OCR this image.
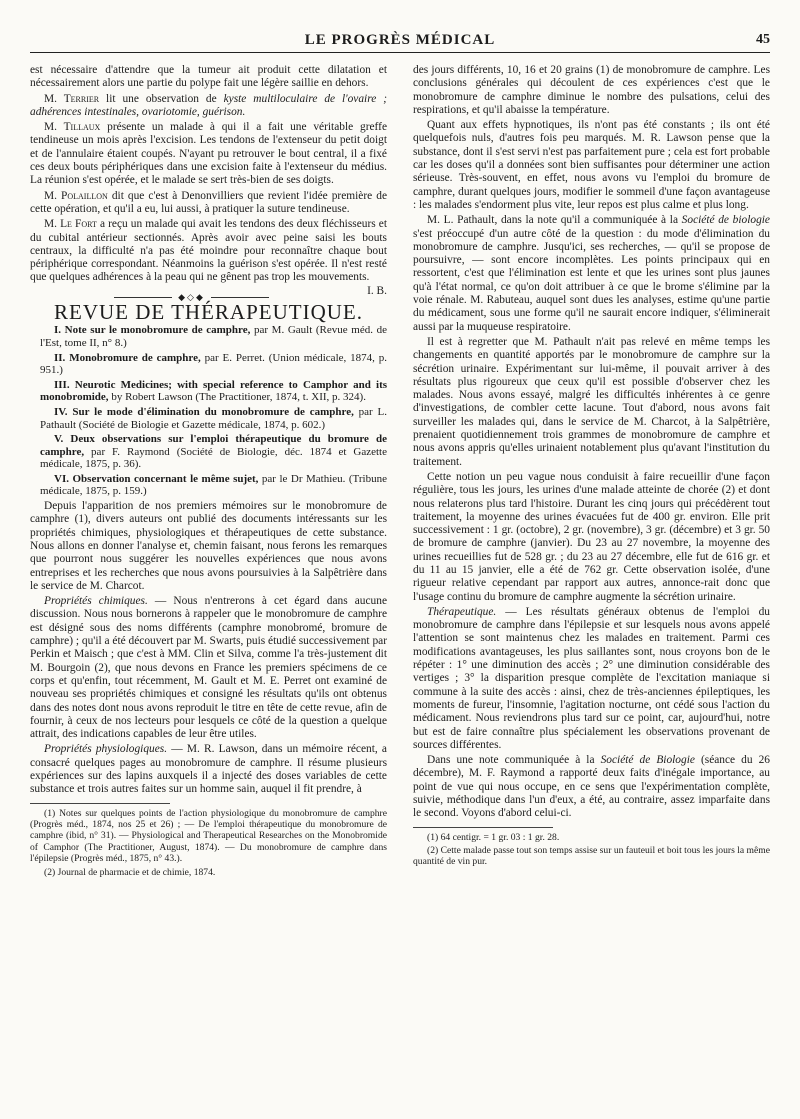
LE PROGRÈS MÉDICAL	45

est nécessaire d'attendre que la tumeur ait produit cette dilatation et nécessairement alors une partie du polype fait une légère saillie en dehors.

M. Terrier lit une observation de kyste multiloculaire de l'ovaire ; adhérences intestinales, ovariotomie, guérison.

M. Tillaux présente un malade à qui il a fait une véritable greffe tendineuse un mois après l'excision. Les tendons de l'extenseur du petit doigt et de l'annulaire étaient coupés. N'ayant pu retrouver le bout central, il a fixé ces deux bouts périphériques dans une excision faite à l'extenseur du médius. La réunion s'est opérée, et le malade se sert très-bien de ses doigts.

M. Polaillon dit que c'est à Denonvilliers que revient l'idée première de cette opération, et qu'il a eu, lui aussi, à pratiquer la suture tendineuse.

M. Le Fort a reçu un malade qui avait les tendons des deux fléchisseurs et du cubital antérieur sectionnés. Après avoir avec peine saisi les bouts centraux, la difficulté n'a pas été moindre pour reconnaître chaque bout périphérique correspondant. Néanmoins la guérison s'est opérée. Il n'est resté que quelques adhérences à la peau qui ne gênent pas trop les mouvements.
I. B.

◆◇◆
REVUE DE THÉRAPEUTIQUE.

I. Note sur le monobromure de camphre, par M. Gault (Revue méd. de l'Est, tome II, n° 8.)

II. Monobromure de camphre, par E. Perret. (Union médicale, 1874, p. 951.)

III. Neurotic Medicines; with special reference to Camphor and its monobromide, by Robert Lawson (The Practitioner, 1874, t. XII, p. 324).

IV. Sur le mode d'élimination du monobromure de camphre, par L. Pathault (Société de Biologie et Gazette médicale, 1874, p. 602.)

V. Deux observations sur l'emploi thérapeutique du bromure de camphre, par F. Raymond (Société de Biologie, déc. 1874 et Gazette médicale, 1875, p. 36).

VI. Observation concernant le même sujet, par le Dr Mathieu. (Tribune médicale, 1875, p. 159.)

Depuis l'apparition de nos premiers mémoires sur le monobromure de camphre (1), divers auteurs ont publié des documents intéressants sur les propriétés chimiques, physiologiques et thérapeutiques de cette substance. Nous allons en donner l'analyse et, chemin faisant, nous ferons les remarques que pourront nous suggérer les nouvelles expériences que nous avons entreprises et les recherches que nous avons poursuivies à la Salpêtrière dans le service de M. Charcot.

Propriétés chimiques. — Nous n'entrerons à cet égard dans aucune discussion. Nous nous bornerons à rappeler que le monobromure de camphre est désigné sous des noms différents (camphre monobromé, bromure de camphre) ; qu'il a été découvert par M. Swarts, puis étudié successivement par Perkin et Maisch ; que c'est à MM. Clin et Silva, comme l'a très-justement dit M. Bourgoin (2), que nous devons en France les premiers spécimens de ce corps et qu'enfin, tout récemment, M. Gault et M. E. Perret ont examiné de nouveau ses propriétés chimiques et consigné les résultats qu'ils ont obtenus dans des notes dont nous avons reproduit le titre en tête de cette revue, afin de fournir, à ceux de nos lecteurs pour lesquels ce côté de la question a quelque attrait, des indications capables de leur être utiles.

Propriétés physiologiques. — M. R. Lawson, dans un mémoire récent, a consacré quelques pages au monobromure de camphre. Il résume plusieurs expériences sur des lapins auxquels il a injecté des doses variables de cette substance et trois autres faites sur un homme sain, auquel il fit prendre, à

(1) Notes sur quelques points de l'action physiologique du monobromure de camphre (Progrès méd., 1874, nos 25 et 26) ; — De l'emploi thérapeutique du monobromure de camphre (ibid, n° 31). — Physiological and Therapeutical Researches on the Monobromide of Camphor (The Practitioner, August, 1874). — Du monobromure de camphre dans l'épilepsie (Progrès méd., 1875, n° 43.).

(2) Journal de pharmacie et de chimie, 1874.

des jours différents, 10, 16 et 20 grains (1) de monobromure de camphre. Les conclusions générales qui découlent de ces expériences c'est que le monobromure de camphre diminue le nombre des pulsations, celui des respirations, et qu'il abaisse la température.

Quant aux effets hypnotiques, ils n'ont pas été constants ; ils ont été quelquefois nuls, d'autres fois peu marqués. M. R. Lawson pense que la substance, dont il s'est servi n'est pas parfaitement pure ; cela est fort probable car les doses qu'il a données sont bien suffisantes pour déterminer une action sérieuse. Très-souvent, en effet, nous avons vu l'emploi du bromure de camphre, durant quelques jours, modifier le sommeil d'une façon avantageuse : les malades s'endorment plus vite, leur repos est plus calme et plus long.

M. L. Pathault, dans la note qu'il a communiquée à la Société de biologie s'est préoccupé d'un autre côté de la question : du mode d'élimination du monobromure de camphre. Jusqu'ici, ses recherches, — qu'il se propose de poursuivre, — sont encore incomplètes. Les points principaux qui en ressortent, c'est que l'élimination est lente et que les urines sont plus jaunes qu'à l'état normal, ce qu'on doit attribuer à ce que le brome s'élimine par la voie rénale. M. Rabuteau, auquel sont dues les analyses, estime qu'une partie du médicament, sous une forme qu'il ne saurait encore indiquer, s'éliminerait aussi par la muqueuse respiratoire.

Il est à regretter que M. Pathault n'ait pas relevé en même temps les changements en quantité apportés par le monobromure de camphre sur la sécrétion urinaire. Expérimentant sur lui-même, il pouvait arriver à des résultats plus rigoureux que ceux qu'il est possible d'observer chez les malades. Nous avons essayé, malgré les difficultés inhérentes à ce genre d'investigations, de combler cette lacune. Tout d'abord, nous avons fait surveiller les malades qui, dans le service de M. Charcot, à la Salpêtrière, prenaient quotidiennement trois grammes de monobromure de camphre et nous avons appris qu'elles urinaient notablement plus qu'avant l'institution du traitement.

Cette notion un peu vague nous conduisit à faire recueillir d'une façon régulière, tous les jours, les urines d'une malade atteinte de chorée (2) et dont nous relaterons plus tard l'histoire. Durant les cinq jours qui précédèrent tout traitement, la moyenne des urines évacuées fut de 400 gr. environ. Elle prit successivement : 1 gr. (octobre), 2 gr. (novembre), 3 gr. (décembre) et 3 gr. 50 de bromure de camphre (janvier). Du 23 au 27 novembre, la moyenne des urines recueillies fut de 528 gr. ; du 23 au 27 décembre, elle fut de 616 gr. et du 11 au 15 janvier, elle a été de 762 gr. Cette observation isolée, d'une rigueur relative cependant par rapport aux autres, annonce-rait donc que l'usage continu du bromure de camphre augmente la sécrétion urinaire.

Thérapeutique. — Les résultats généraux obtenus de l'emploi du monobromure de camphre dans l'épilepsie et sur lesquels nous avons appelé l'attention se sont maintenus chez les malades en traitement. Parmi ces modifications avantageuses, les plus saillantes sont, nous croyons bon de le répéter : 1° une diminution des accès ; 2° une diminution considérable des vertiges ; 3° la disparition presque complète de l'excitation maniaque si commune à la suite des accès : ainsi, chez de très-anciennes épileptiques, les moments de fureur, l'insomnie, l'agitation nocturne, ont cédé sous l'action du médicament. Nous reviendrons plus tard sur ce point, car, aujourd'hui, notre but est de faire connaître plus spécialement les observations provenant de sources différentes.

Dans une note communiquée à la Société de Biologie (séance du 26 décembre), M. F. Raymond a rapporté deux faits d'inégale importance, au point de vue qui nous occupe, en ce sens que l'expérimentation complète, suivie, méthodique dans l'un d'eux, a été, au contraire, assez imparfaite dans le second. Voyons d'abord celui-ci.

(1) 64 centigr. = 1 gr. 03 : 1 gr. 28.

(2) Cette malade passe tout son temps assise sur un fauteuil et boit tous les jours la même quantité de vin pur.
